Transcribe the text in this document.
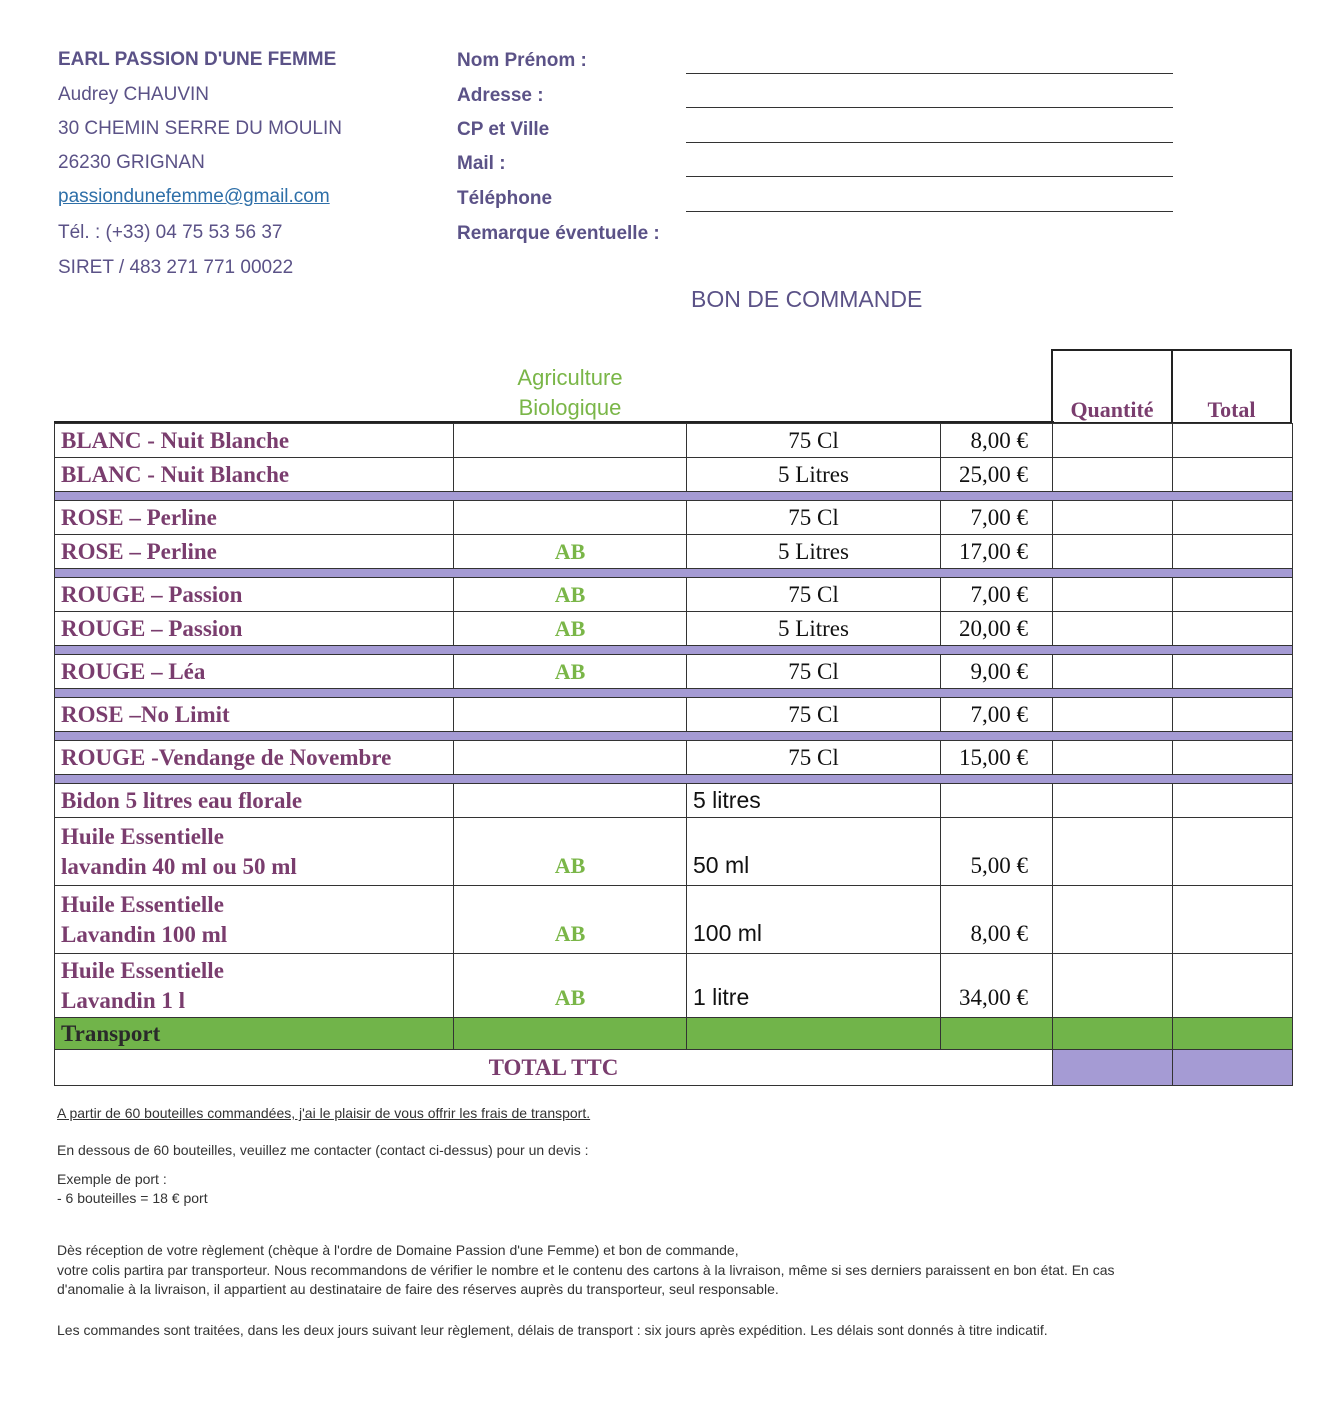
EARL PASSION D'UNE FEMME
Audrey CHAUVIN
30 CHEMIN SERRE DU MOULIN
26230 GRIGNAN
passiondunefemme@gmail.com
Tél. : (+33) 04 75 53 56 37
SIRET / 483 271 771 00022
Nom Prénom :
Adresse :
CP et Ville
Mail :
Téléphone
Remarque éventuelle :
BON DE COMMANDE
Agriculture
Biologique	Quantité	Total
BLANC - Nuit Blanche		75 Cl	8,00 €		
BLANC - Nuit Blanche		5 Litres	25,00 €		

ROSE – Perline		75 Cl	7,00 €		
ROSE – Perline	AB	5 Litres	17,00 €		

ROUGE – Passion	AB	75 Cl	7,00 €		
ROUGE – Passion	AB	5 Litres	20,00 €		

ROUGE – Léa	AB	75 Cl	9,00 €		

ROSE –No Limit		75 Cl	7,00 €		

ROUGE -Vendange de Novembre		75 Cl	15,00 €		

Bidon 5 litres eau florale		5 litres			

Huile Essentielle
lavandin 40 ml ou 50 ml	AB	50 ml	5,00 €		

Huile Essentielle
Lavandin 100 ml	AB	100 ml	8,00 €		

Huile Essentielle
Lavandin 1 l	AB	1 litre	34,00 €		
Transport					
TOTAL TTC					
A partir de 60 bouteilles commandées, j'ai le plaisir de vous offrir les frais de transport.
En dessous de 60 bouteilles, veuillez me contacter (contact ci-dessus) pour un devis :
Exemple de port :
- 6 bouteilles = 18 € port
Dès réception de votre règlement (chèque à l'ordre de Domaine Passion d'une Femme) et bon de commande,
votre colis partira par transporteur. Nous recommandons de vérifier le nombre et le contenu des cartons à la livraison, même si ses derniers paraissent en bon état. En cas
d'anomalie à la livraison, il appartient au destinataire de faire des réserves auprès du transporteur, seul responsable.
Les commandes sont traitées, dans les deux jours suivant leur règlement, délais de transport : six jours après expédition. Les délais sont donnés à titre indicatif.
